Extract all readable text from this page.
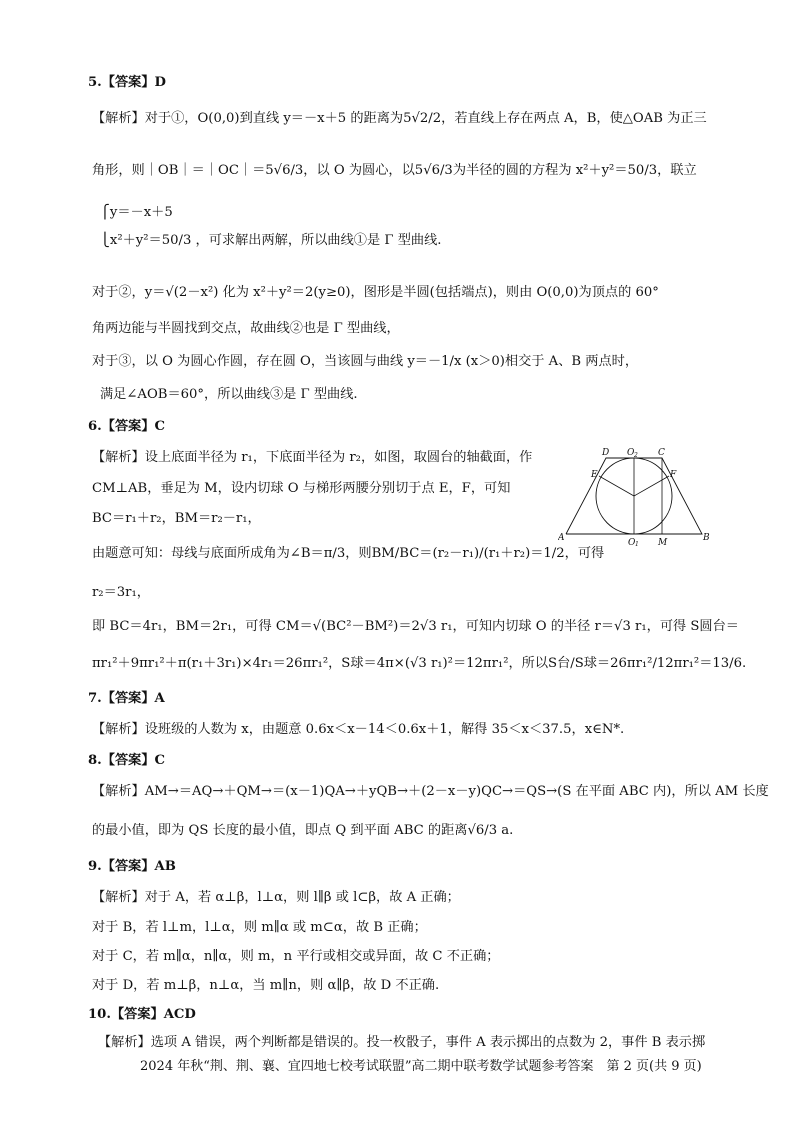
5.【答案】D
【解析】对于①，O(0,0)到直线 y＝－x＋5 的距离为5√2/2，若直线上存在两点 A，B，使△OAB 为正三
角形，则｜OB｜＝｜OC｜＝5√6/3，以 O 为圆心，以5√6/3为半径的圆的方程为 x²＋y²＝50/3，联立
⎧y＝－x＋5
⎩x²＋y²＝50/3 ，可求解出两解，所以曲线①是 Γ 型曲线.
对于②，y＝√(2－x²) 化为 x²＋y²＝2(y≥0)，图形是半圆(包括端点)，则由 O(0,0)为顶点的 60°
角两边能与半圆找到交点，故曲线②也是 Γ 型曲线，
对于③，以 O 为圆心作圆，存在圆 O，当该圆与曲线 y＝－1/x (x＞0)相交于 A、B 两点时，
满足∠AOB＝60°，所以曲线③是 Γ 型曲线.
6.【答案】C
【解析】设上底面半径为 r₁，下底面半径为 r₂，如图，取圆台的轴截面，作
CM⊥AB，垂足为 M，设内切球 O 与梯形两腰分别切于点 E，F，可知
BC＝r₁＋r₂，BM＝r₂－r₁，
由题意可知：母线与底面所成角为∠B＝π/3，则BM/BC＝(r₂－r₁)/(r₁＋r₂)＝1/2，可得
r₂＝3r₁，
即 BC＝4r₁，BM＝2r₁，可得 CM＝√(BC²－BM²)＝2√3 r₁，可知内切球 O 的半径 r＝√3 r₁，可得 S圆台＝
πr₁²＋9πr₁²＋π(r₁＋3r₁)×4r₁＝26πr₁²，S球＝4π×(√3 r₁)²＝12πr₁²，所以S台/S球＝26πr₁²/12πr₁²＝13/6.
7.【答案】A
【解析】设班级的人数为 x，由题意 0.6x＜x－14＜0.6x＋1，解得 35＜x＜37.5，x∈N*.
8.【答案】C
【解析】AM→＝AQ→＋QM→＝(x－1)QA→＋yQB→＋(2－x－y)QC→＝QS→(S 在平面 ABC 内)，所以 AM 长度
的最小值，即为 QS 长度的最小值，即点 Q 到平面 ABC 的距离√6/3 a.
9.【答案】AB
【解析】对于 A，若 α⊥β，l⊥α，则 l∥β 或 l⊂β，故 A 正确；
对于 B，若 l⊥m，l⊥α，则 m∥α 或 m⊂α，故 B 正确；
对于 C，若 m∥α，n∥α，则 m，n 平行或相交或异面，故 C 不正确；
对于 D，若 m⊥β，n⊥α，当 m∥n，则 α∥β，故 D 不正确.
10.【答案】ACD
【解析】选项 A 错误，两个判断都是错误的。投一枚骰子，事件 A 表示掷出的点数为 2，事件 B 表示掷
2024 年秋“荆、荆、襄、宜四地七校考试联盟”高二期中联考数学试题参考答案　第 2 页(共 9 页)
D O 2 C
E	F
A	O 1 M	B
